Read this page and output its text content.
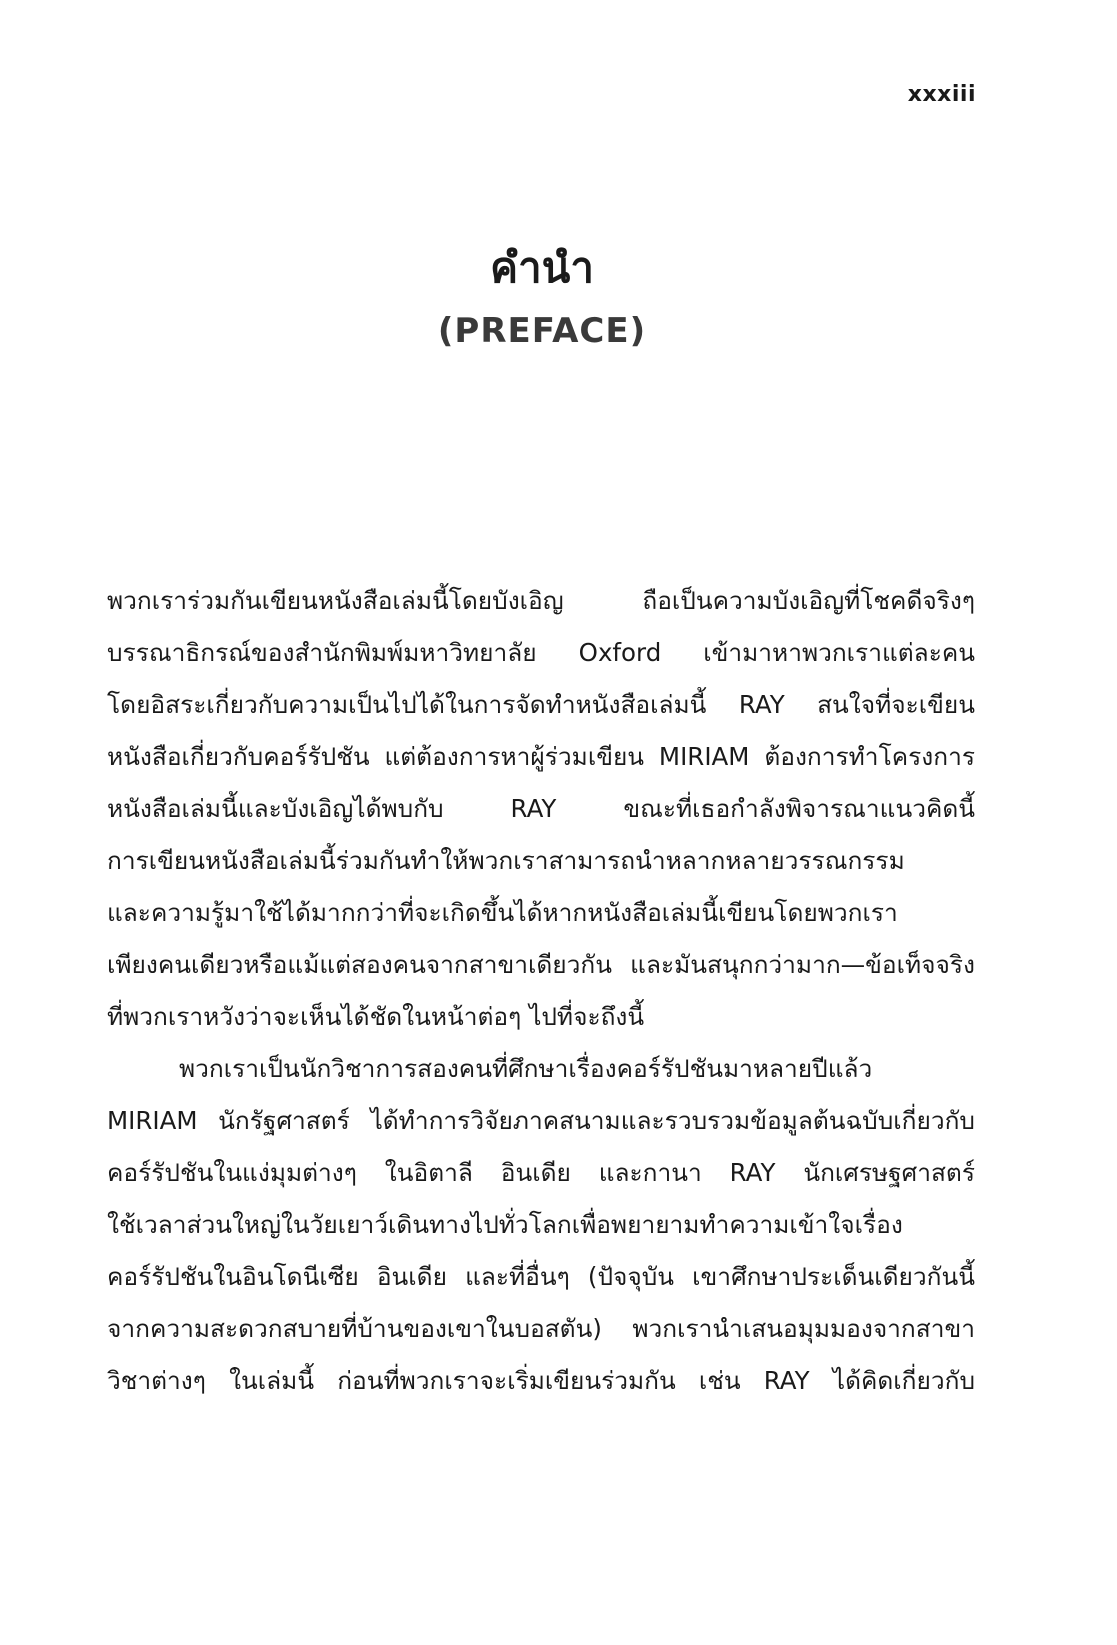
xxxiii
คำนำ
(PREFACE)
พวกเราร่วมกันเขียนหนังสือเล่มนี้โดยบังเอิญ ถือเป็นความบังเอิญที่โชคดีจริงๆ
บรรณาธิกรณ์ของสำนักพิมพ์มหาวิทยาลัย Oxford เข้ามาหาพวกเราแต่ละคน
โดยอิสระเกี่ยวกับความเป็นไปได้ในการจัดทำหนังสือเล่มนี้ RAY สนใจที่จะเขียน
หนังสือเกี่ยวกับคอร์รัปชัน แต่ต้องการหาผู้ร่วมเขียน MIRIAM ต้องการทำโครงการ
หนังสือเล่มนี้และบังเอิญได้พบกับ RAY ขณะที่เธอกำลังพิจารณาแนวคิดนี้
การเขียนหนังสือเล่มนี้ร่วมกันทำให้พวกเราสามารถนำหลากหลายวรรณกรรม
และความรู้มาใช้ได้มากกว่าที่จะเกิดขึ้นได้หากหนังสือเล่มนี้เขียนโดยพวกเรา
เพียงคนเดียวหรือแม้แต่สองคนจากสาขาเดียวกัน และมันสนุกกว่ามาก—ข้อเท็จจริง
ที่พวกเราหวังว่าจะเห็นได้ชัดในหน้าต่อๆ ไปที่จะถึงนี้
พวกเราเป็นนักวิชาการสองคนที่ศึกษาเรื่องคอร์รัปชันมาหลายปีแล้ว
MIRIAM นักรัฐศาสตร์ ได้ทำการวิจัยภาคสนามและรวบรวมข้อมูลต้นฉบับเกี่ยวกับ
คอร์รัปชันในแง่มุมต่างๆ ในอิตาลี อินเดีย และกานา RAY นักเศรษฐศาสตร์
ใช้เวลาส่วนใหญ่ในวัยเยาว์เดินทางไปทั่วโลกเพื่อพยายามทำความเข้าใจเรื่อง
คอร์รัปชันในอินโดนีเซีย อินเดีย และที่อื่นๆ (ปัจจุบัน เขาศึกษาประเด็นเดียวกันนี้
จากความสะดวกสบายที่บ้านของเขาในบอสตัน) พวกเรานำเสนอมุมมองจากสาขา
วิชาต่างๆ ในเล่มนี้ ก่อนที่พวกเราจะเริ่มเขียนร่วมกัน เช่น RAY ได้คิดเกี่ยวกับ
